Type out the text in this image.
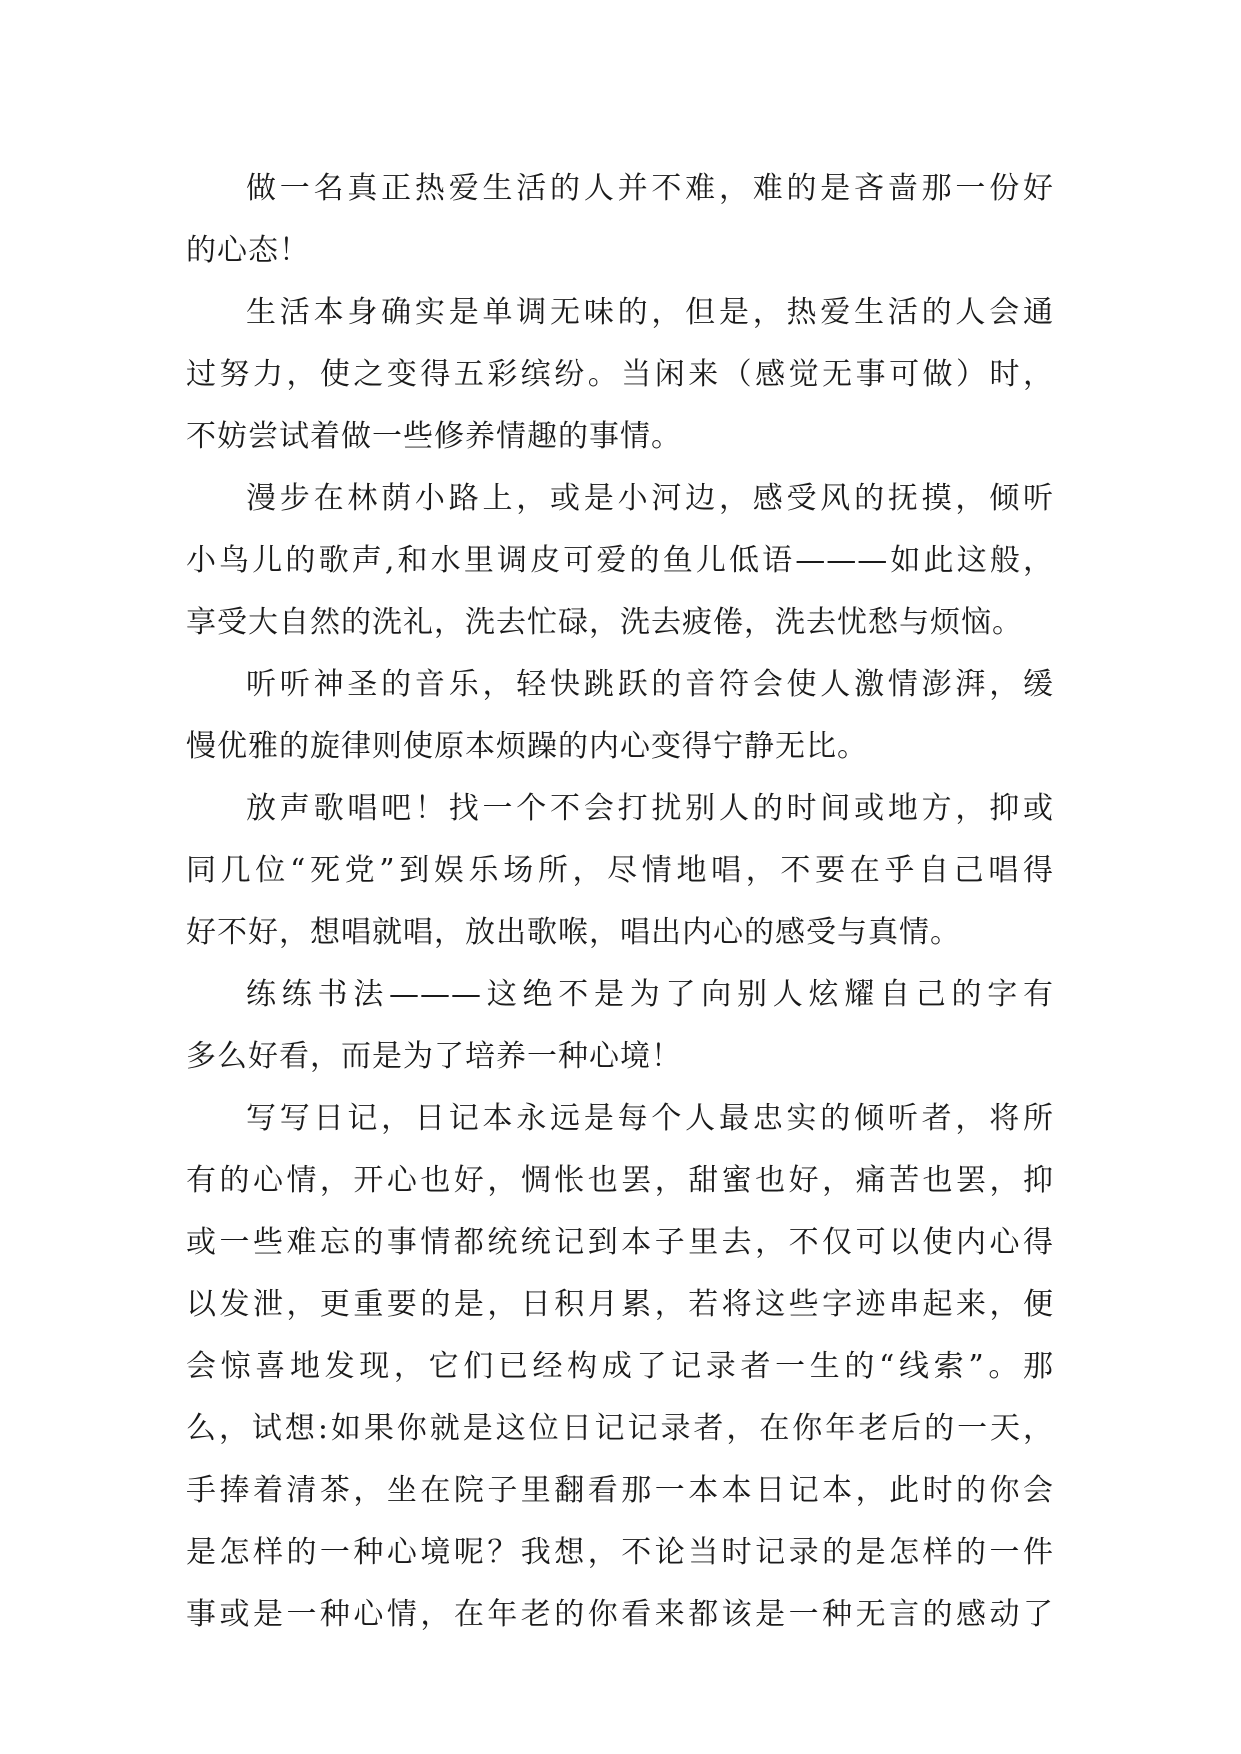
做一名真正热爱生活的人并不难，难的是吝啬那一份好
的心态！
生活本身确实是单调无味的，但是，热爱生活的人会通
过努力，使之变得五彩缤纷。当闲来（感觉无事可做）时，
不妨尝试着做一些修养情趣的事情。
漫步在林荫小路上，或是小河边，感受风的抚摸，倾听
小鸟儿的歌声,和水里调皮可爱的鱼儿低语———如此这般，
享受大自然的洗礼，洗去忙碌，洗去疲倦，洗去忧愁与烦恼。
听听神圣的音乐，轻快跳跃的音符会使人激情澎湃，缓
慢优雅的旋律则使原本烦躁的内心变得宁静无比。
放声歌唱吧！找一个不会打扰别人的时间或地方，抑或
同几位“死党”到娱乐场所，尽情地唱，不要在乎自己唱得
好不好，想唱就唱，放出歌喉，唱出内心的感受与真情。
练练书法———这绝不是为了向别人炫耀自己的字有
多么好看，而是为了培养一种心境！
写写日记，日记本永远是每个人最忠实的倾听者，将所
有的心情，开心也好，惆怅也罢，甜蜜也好，痛苦也罢，抑
或一些难忘的事情都统统记到本子里去，不仅可以使内心得
以发泄，更重要的是，日积月累，若将这些字迹串起来，便
会惊喜地发现，它们已经构成了记录者一生的“线索”。那
么，试想:如果你就是这位日记记录者，在你年老后的一天，
手捧着清茶，坐在院子里翻看那一本本日记本，此时的你会
是怎样的一种心境呢？我想，不论当时记录的是怎样的一件
事或是一种心情，在年老的你看来都该是一种无言的感动了
